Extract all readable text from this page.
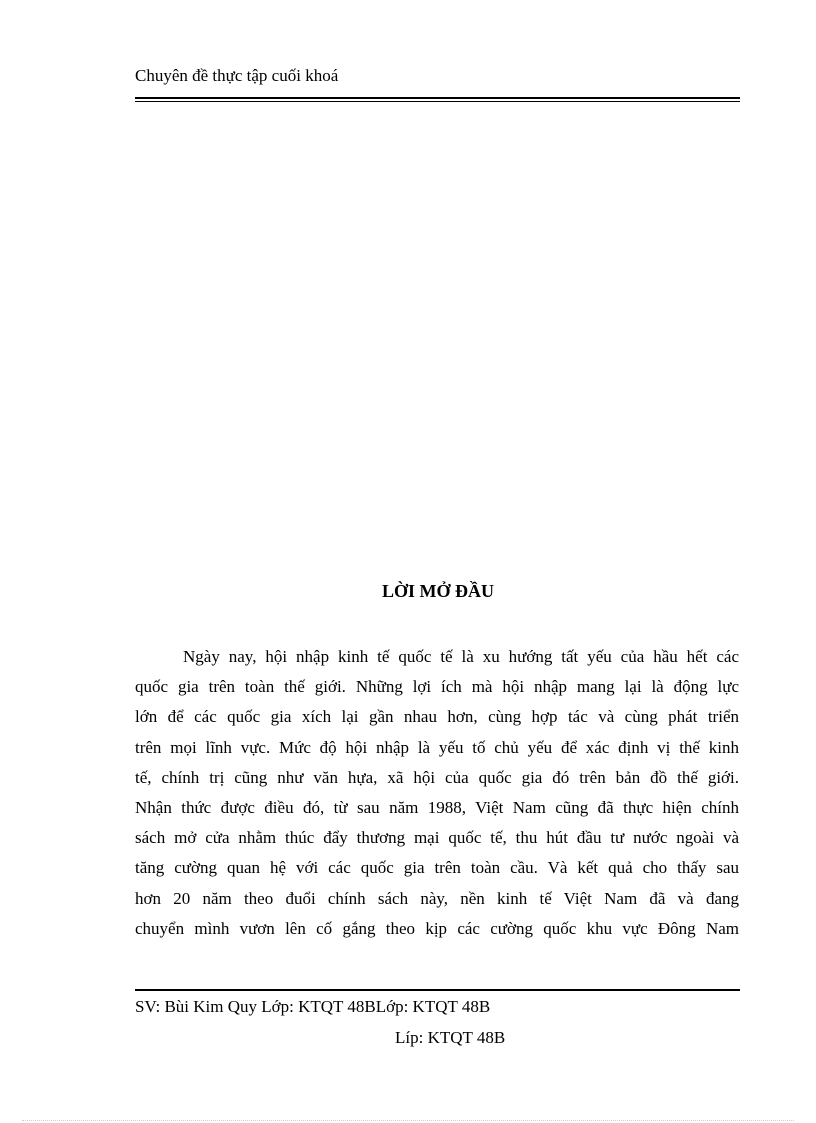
Chuyên đề thực tập cuối khoá
LỜI MỞ ĐẦU
Ngày nay, hội nhập kinh tế quốc tế là xu hướng tất yếu của hầu hết các
quốc gia trên toàn thế giới. Những lợi ích mà hội nhập mang lại là động lực
lớn để các quốc gia xích lại gần nhau hơn, cùng hợp tác và cùng phát triển
trên mọi lĩnh vực. Mức độ hội nhập là yếu tố chủ yếu để xác định vị thế kinh
tế, chính trị cũng như văn hựa, xã hội của quốc gia đó trên bản đồ thế giới.
Nhận thức được điều đó, từ sau năm 1988, Việt Nam cũng đã thực hiện chính
sách mở cửa nhằm thúc đẩy thương mại quốc tế, thu hút đầu tư nước ngoài và
tăng cường quan hệ với các quốc gia trên toàn cầu. Và kết quả cho thấy sau
hơn 20 năm theo đuổi chính sách này, nền kinh tế Việt Nam đã và đang
chuyển mình vươn lên cố gắng theo kịp các cường quốc khu vực Đông Nam
SV: Bùi Kim Quy Lớp: KTQT 48BLớp: KTQT 48B
Líp: KTQT 48B
